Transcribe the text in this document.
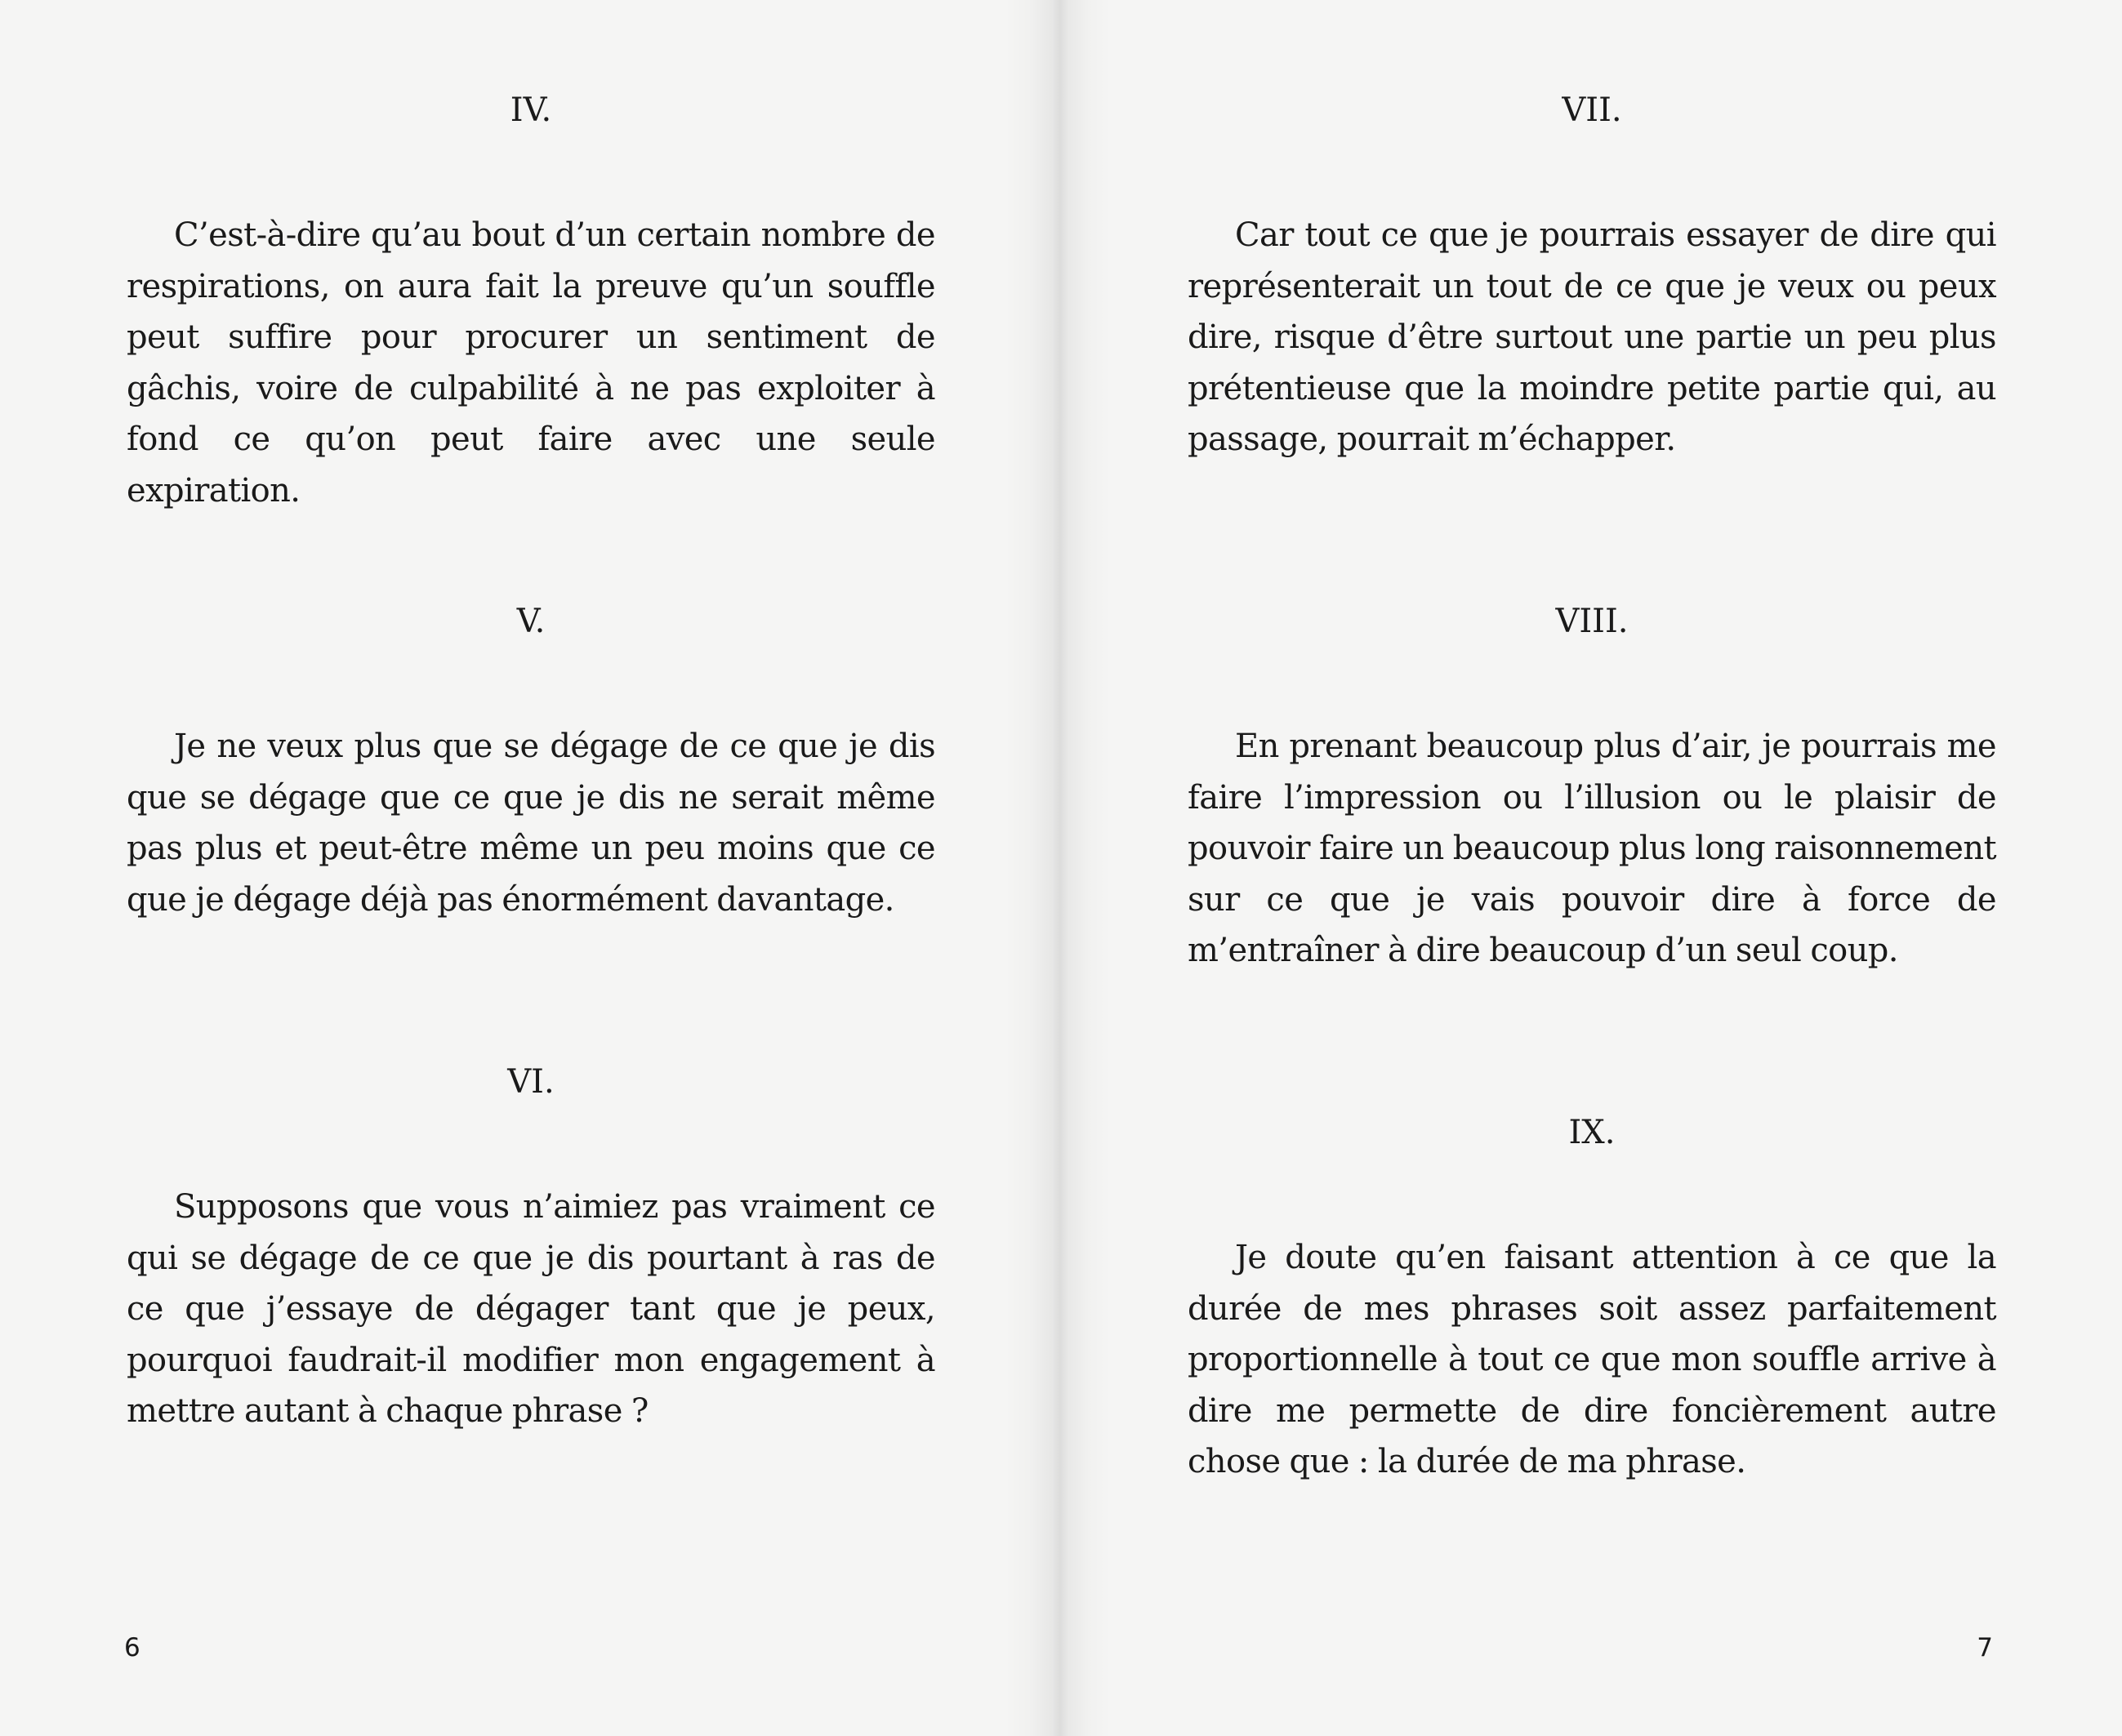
IV.

C’est-à-dire qu’au bout d’un certain nombre de respirations, on aura fait la preuve qu’un souffle peut suffire pour procurer un sentiment de gâchis, voire de culpabilité à ne pas exploiter à fond ce qu’on peut faire avec une seule expiration.

V.

Je ne veux plus que se dégage de ce que je dis que se dégage que ce que je dis ne serait même pas plus et peut-être même un peu moins que ce que je dégage déjà pas énormément davantage.

VI.

Supposons que vous n’aimiez pas vraiment ce qui se dégage de ce que je dis pourtant à ras de ce que j’essaye de dégager tant que je peux, pourquoi faudrait-il modifier mon engagement à mettre autant à chaque phrase ?

6

VII.

Car tout ce que je pourrais essayer de dire qui représenterait un tout de ce que je veux ou peux dire, risque d’être surtout une partie un peu plus prétentieuse que la moindre petite partie qui, au passage, pourrait m’échapper.

VIII.

En prenant beaucoup plus d’air, je pourrais me faire l’impression ou l’illusion ou le plaisir de pouvoir faire un beaucoup plus long raisonnement sur ce que je vais pouvoir dire à force de m’entraîner à dire beaucoup d’un seul coup.

IX.

Je doute qu’en faisant attention à ce que la durée de mes phrases soit assez parfaitement proportionnelle à tout ce que mon souffle arrive à dire me permette de dire foncièrement autre chose que : la durée de ma phrase.

7
